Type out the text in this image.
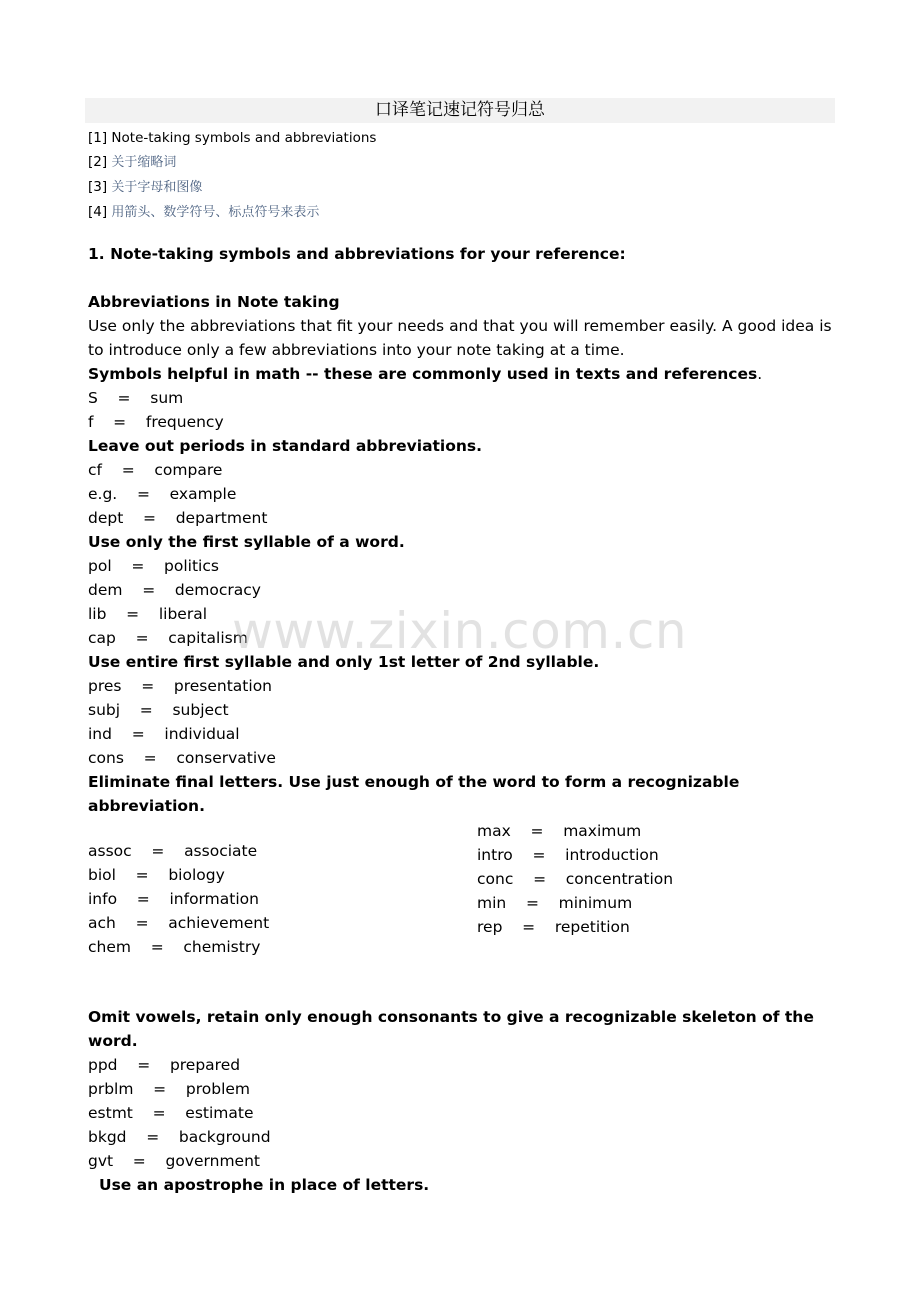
口译笔记速记符号归总
[1] Note-taking symbols and abbreviations
[2] 关于缩略词
[3] 关于字母和图像
[4] 用箭头、数学符号、标点符号来表示
1. Note-taking symbols and abbreviations for your reference:
Abbreviations in Note taking
Use only the abbreviations that fit your needs and that you will remember easily. A good idea is to introduce only a few abbreviations into your note taking at a time.
Symbols helpful in math -- these are commonly used in texts and references.
S    =    sum
f    =    frequency
Leave out periods in standard abbreviations.
cf    =    compare
e.g.    =    example
dept    =    department
Use only the first syllable of a word.
pol    =    politics
dem    =    democracy
lib    =    liberal
cap    =    capitalism
Use entire first syllable and only 1st letter of 2nd syllable.
pres    =    presentation
subj    =    subject
ind    =    individual
cons    =    conservative
Eliminate final letters. Use just enough of the word to form a recognizable abbreviation.
assoc    =    associate
biol    =    biology
info    =    information
ach    =    achievement
chem    =    chemistry
max    =    maximum
intro    =    introduction
conc    =    concentration
min    =    minimum
rep    =    repetition
Omit vowels, retain only enough consonants to give a recognizable skeleton of the word.
ppd    =    prepared
prblm    =    problem
estmt    =    estimate
bkgd    =    background
gvt    =    government
Use an apostrophe in place of letters.
www.zixin.com.cn
